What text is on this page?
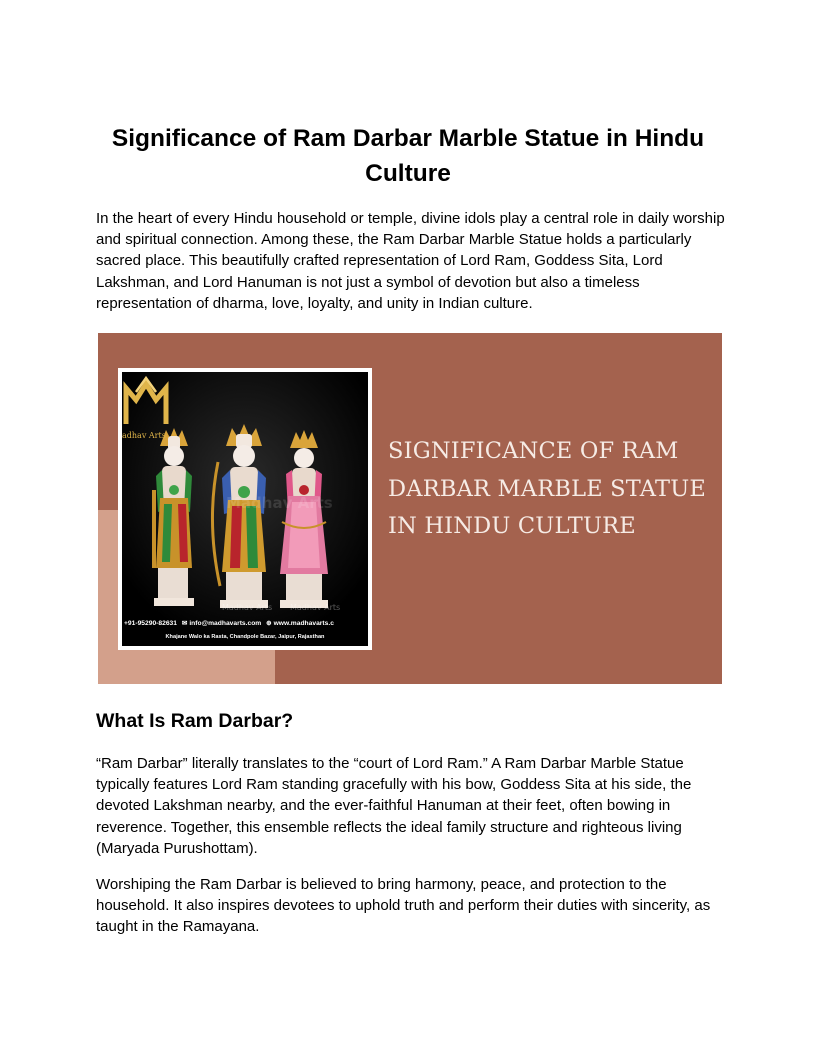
Significance of Ram Darbar Marble Statue in Hindu Culture

In the heart of every Hindu household or temple, divine idols play a central role in daily worship and spiritual connection. Among these, the Ram Darbar Marble Statue holds a particularly sacred place. This beautifully crafted representation of Lord Ram, Goddess Sita, Lord Lakshman, and Lord Hanuman is not just a symbol of devotion but also a timeless representation of dharma, love, loyalty, and unity in Indian culture.

Madhav Arts
Madhav Arts Madhav Arts
adhav Arts
+91-95290-82631 ✉ info@madhavarts.com ⊕ www.madhavarts.c
Khajane Walo ka Rasta, Chandpole Bazar, Jaipur, Rajasthan
SIGNIFICANCE OF RAM DARBAR MARBLE STATUE IN HINDU CULTURE
What Is Ram Darbar?

“Ram Darbar” literally translates to the “court of Lord Ram.” A Ram Darbar Marble Statue typically features Lord Ram standing gracefully with his bow, Goddess Sita at his side, the devoted Lakshman nearby, and the ever-faithful Hanuman at their feet, often bowing in reverence. Together, this ensemble reflects the ideal family structure and righteous living (Maryada Purushottam).

Worshiping the Ram Darbar is believed to bring harmony, peace, and protection to the household. It also inspires devotees to uphold truth and perform their duties with sincerity, as taught in the Ramayana.
